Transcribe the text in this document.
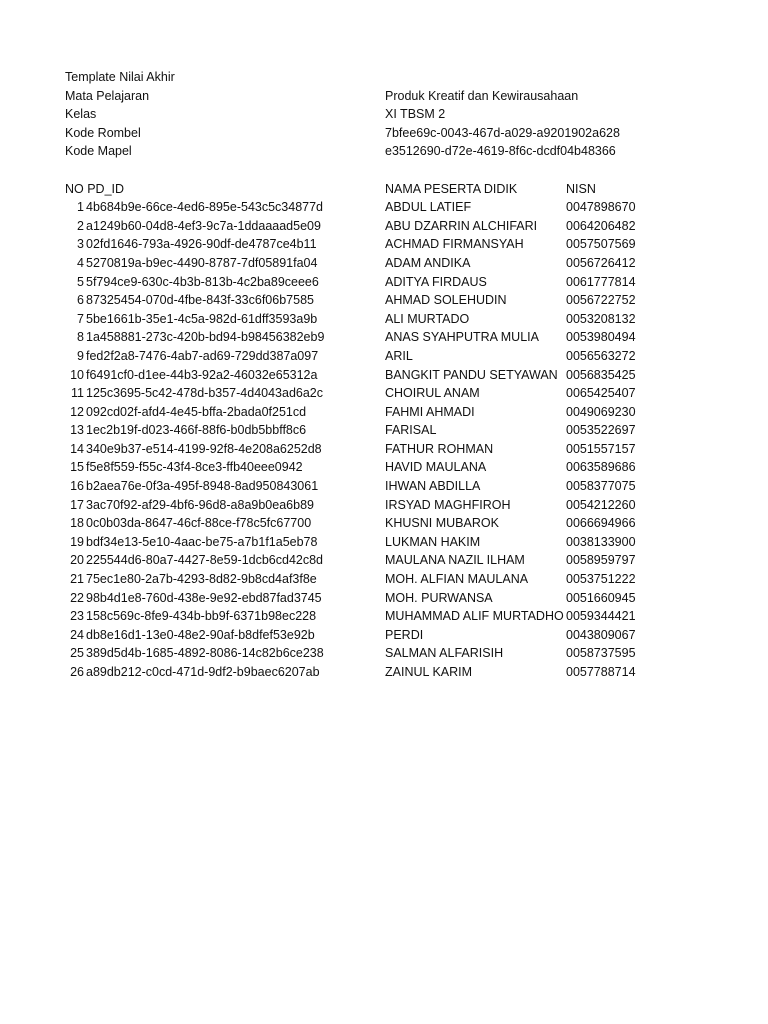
Template Nilai Akhir
Mata Pelajaran	Produk Kreatif dan Kewirausahaan
Kelas	XI TBSM 2
Kode Rombel	7bfee69c-0043-467d-a029-a9201902a628
Kode Mapel	e3512690-d72e-4619-8f6c-dcdf04b48366
NO PD_ID	NAMA PESERTA DIDIK	NISN
1 4b684b9e-66ce-4ed6-895e-543c5c34877d	ABDUL LATIEF	0047898670
2 a1249b60-04d8-4ef3-9c7a-1ddaaaad5e09	ABU DZARRIN ALCHIFARI 0064206482
3 02fd1646-793a-4926-90df-de4787ce4b11	ACHMAD FIRMANSYAH	0057507569
4 5270819a-b9ec-4490-8787-7df05891fa04	ADAM ANDIKA	0056726412
5 5f794ce9-630c-4b3b-813b-4c2ba89ceee6	ADITYA FIRDAUS	0061777814
6 87325454-070d-4fbe-843f-33c6f06b7585	AHMAD SOLEHUDIN	0056722752
7 5be1661b-35e1-4c5a-982d-61dff3593a9b	ALI MURTADO	0053208132
8 1a458881-273c-420b-bd94-b98456382eb9	ANAS SYAHPUTRA MULIA 0053980494
9 fed2f2a8-7476-4ab7-ad69-729dd387a097	ARIL	0056563272
10 f6491cf0-d1ee-44b3-92a2-46032e65312a	BANGKIT PANDU SETYAWAN 0056835425
11 125c3695-5c42-478d-b357-4d4043ad6a2c	CHOIRUL ANAM	0065425407
12 092cd02f-afd4-4e45-bffa-2bada0f251cd	FAHMI AHMADI	0049069230
13 1ec2b19f-d023-466f-88f6-b0db5bbff8c6	FARISAL	0053522697
14 340e9b37-e514-4199-92f8-4e208a6252d8	FATHUR ROHMAN	0051557157
15 f5e8f559-f55c-43f4-8ce3-ffb40eee0942	HAVID MAULANA	0063589686
16 b2aea76e-0f3a-495f-8948-8ad950843061	IHWAN ABDILLA	0058377075
17 3ac70f92-af29-4bf6-96d8-a8a9b0ea6b89	IRSYAD MAGHFIROH	0054212260
18 0c0b03da-8647-46cf-88ce-f78c5fc67700	KHUSNI MUBAROK	0066694966
19 bdf34e13-5e10-4aac-be75-a7b1f1a5eb78	LUKMAN HAKIM	0038133900
20 225544d6-80a7-4427-8e59-1dcb6cd42c8d	MAULANA NAZIL ILHAM	0058959797
21 75ec1e80-2a7b-4293-8d82-9b8cd4af3f8e	MOH. ALFIAN MAULANA	0053751222
22 98b4d1e8-760d-438e-9e92-ebd87fad3745	MOH. PURWANSA	0051660945
23 158c569c-8fe9-434b-bb9f-6371b98ec228	MUHAMMAD ALIF MURTADHO 0059344421
24 db8e16d1-13e0-48e2-90af-b8dfef53e92b	PERDI	0043809067
25 389d5d4b-1685-4892-8086-14c82b6ce238	SALMAN ALFARISIH	0058737595
26 a89db212-c0cd-471d-9df2-b9baec6207ab	ZAINUL KARIM	0057788714
